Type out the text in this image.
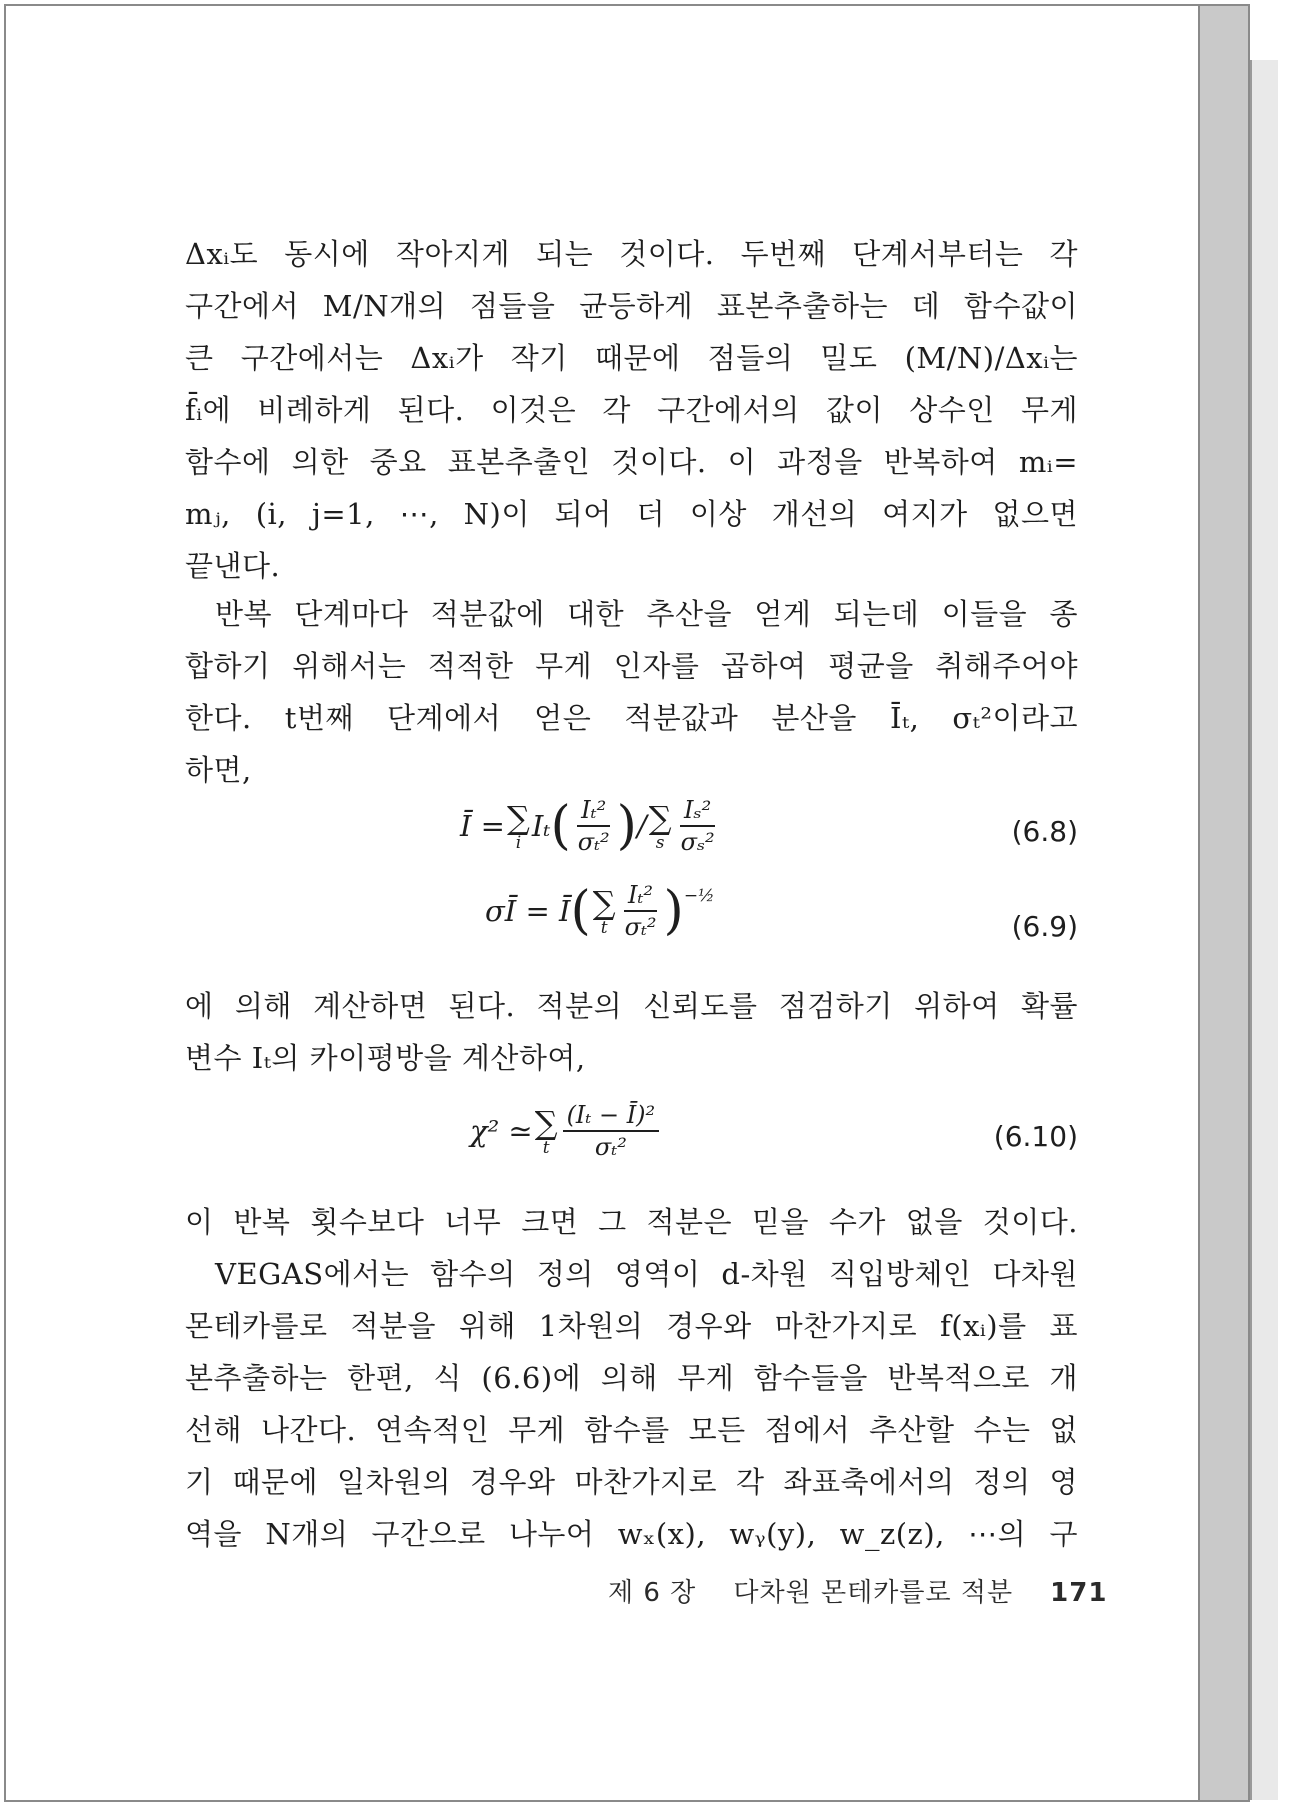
Δxᵢ도 동시에 작아지게 되는 것이다. 두번째 단계서부터는 각
구간에서 M/N개의 점들을 균등하게 표본추출하는 데 함수값이
큰 구간에서는 Δxᵢ가 작기 때문에 점들의 밀도 (M/N)/Δxᵢ는
f̄ᵢ에 비례하게 된다. 이것은 각 구간에서의 값이 상수인 무게
함수에 의한 중요 표본추출인 것이다. 이 과정을 반복하여 mᵢ=
mⱼ, (i, j=1, ⋯, N)이 되어 더 이상 개선의 여지가 없으면
끝낸다.
반복 단계마다 적분값에 대한 추산을 얻게 되는데 이들을 종
합하기 위해서는 적적한 무게 인자를 곱하여 평균을 취해주어야
한다. t번째 단계에서 얻은 적분값과 분산을 Īₜ, σₜ²이라고
하면,
Ī = ∑
i Iₜ ( $\frac{\text{Iₜ²}}{\text{σₜ²}}$ ) / ∑
s $\frac{\text{Iₛ²}}{\text{σₛ²}}$	(6.8)
σĪ = Ī ( ∑
t $\frac{\text{Iₜ²}}{\text{σₜ²}} )^{-\frac{1}{2}}$
(6.9)
에 의해 계산하면 된다. 적분의 신뢰도를 점검하기 위하여 확률
변수 Iₜ의 카이평방을 계산하여,
χ² ≃ ∑
t $\frac{\text{(Iₜ − Ī)²}}{\text{σₜ²}}$	(6.10)
이 반복 횟수보다 너무 크면 그 적분은 믿을 수가 없을 것이다.
VEGAS에서는 함수의 정의 영역이 d-차원 직입방체인 다차원
몬테카를로 적분을 위해 1차원의 경우와 마찬가지로 f(xᵢ)를 표
본추출하는 한편, 식 (6.6)에 의해 무게 함수들을 반복적으로 개
선해 나간다. 연속적인 무게 함수를 모든 점에서 추산할 수는 없
기 때문에 일차원의 경우와 마찬가지로 각 좌표축에서의 정의 영
역을 N개의 구간으로 나누어 wₓ(x), wᵧ(y), w_z(z), ⋯의 구
제 6 장 다차원 몬테카를로 적분 171
